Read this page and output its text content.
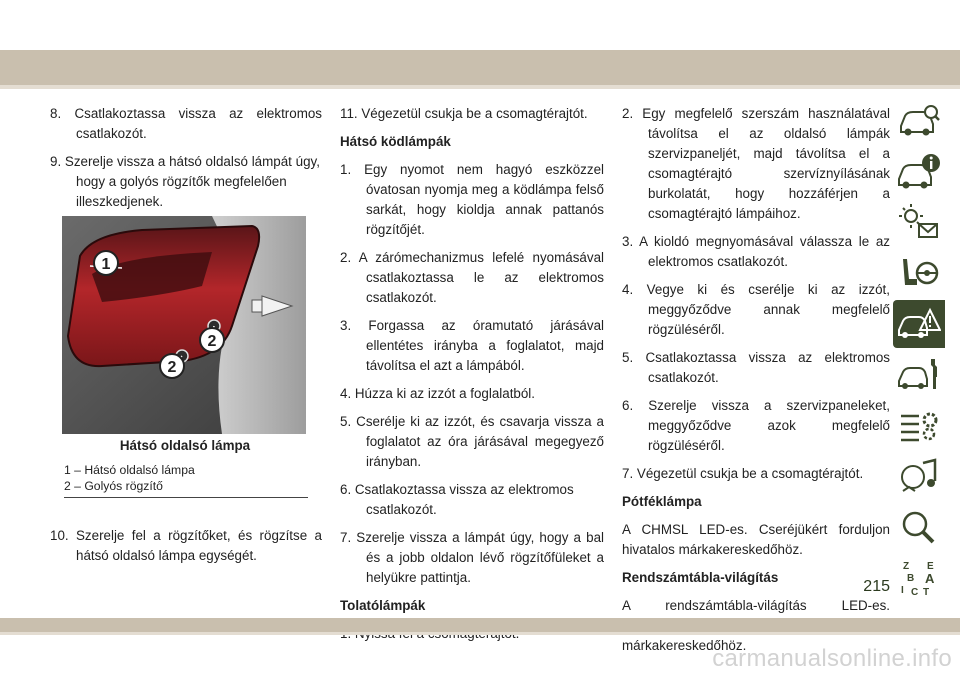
8. Csatlakoztassa vissza az elektromos csatlakozót.

9. Szerelje vissza a hátsó oldalsó lámpát úgy, hogy a golyós rögzítők megfelelően illeszkedjenek.

1
2
2
Hátsó oldalsó lámpa
1 – Hátsó oldalsó lámpa
2 – Golyós rögzítő

10. Szerelje fel a rögzítőket, és rögzítse a hátsó oldalsó lámpa egységét.

11. Végezetül csukja be a csomagtérajtót.

Hátsó ködlámpák

1. Egy nyomot nem hagyó eszközzel óvatosan nyomja meg a ködlámpa felső sarkát, hogy kioldja annak pattanós rögzítőjét.

2. A zárómechanizmus lefelé nyomásával csatlakoztassa le az elektromos csatlakozót.

3. Forgassa az óramutató járásával ellentétes irányba a foglalatot, majd távolítsa el azt a lámpából.

4. Húzza ki az izzót a foglalatból.

5. Cserélje ki az izzót, és csavarja vissza a foglalatot az óra járásával megegyező irányban.

6. Csatlakoztassa vissza az elektromos csatlakozót.

7. Szerelje vissza a lámpát úgy, hogy a bal és a jobb oldalon lévő rögzítőfüleket a helyükre pattintja.

Tolatólámpák

2. Egy megfelelő szerszám használatával távolítsa el az oldalsó lámpák szervizpaneljét, majd távolítsa el a csomagtérajtó szervíznyílásának burkolatát, hogy hozzáférjen a csomagtérajtó lámpáihoz.

3. A kioldó megnyomásával válassza le az elektromos csatlakozót.

4. Vegye ki és cserélje ki az izzót, meggyőződve annak megfelelő rögzüléséről.

5. Csatlakoztassa vissza az elektromos csatlakozót.

6. Szerelje vissza a szervizpaneleket, meggyőződve azok megfelelő rögzüléséről.

7. Végezetül csukja be a csomagtérajtót.

Pótféklámpa

A CHMSL LED-es. Cseréjükért forduljon hivatalos márkakereskedőhöz.

Rendszámtábla-világítás

A rendszámtábla-világítás LED-es. márkakereskedőhöz.

Z E
B A
I C T
215
carmanualsonline.info
